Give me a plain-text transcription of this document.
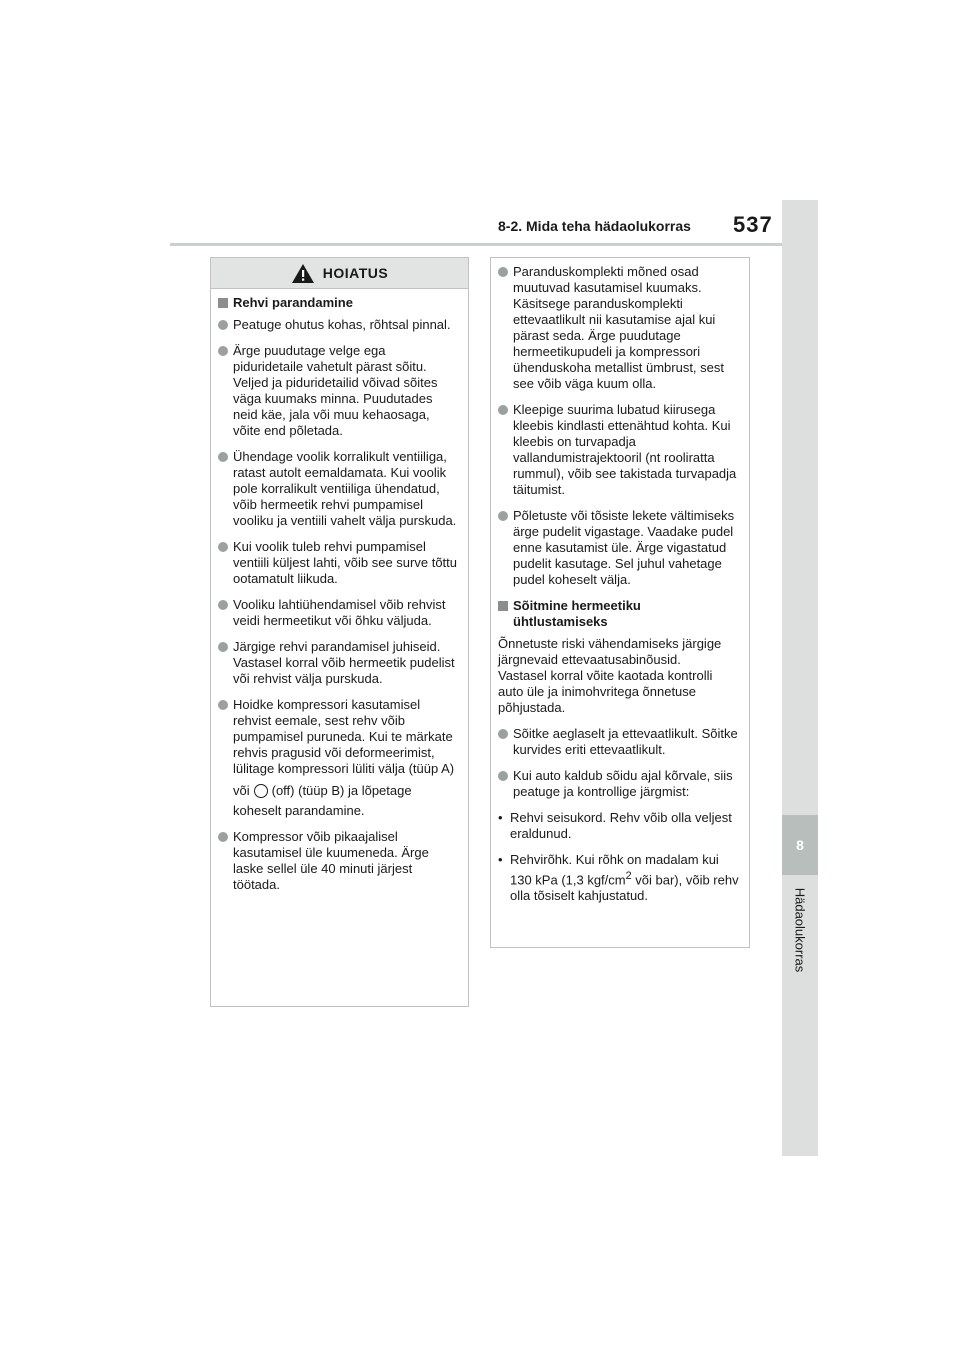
8-2. Mida teha hädaolukorras 537
8
Hädaolukorras
HOIATUS
Rehvi parandamine
Peatuge ohutus kohas, rõhtsal pinnal.
Ärge puudutage velge ega piduridetaile vahetult pärast sõitu. Veljed ja piduridetailid võivad sõites väga kuumaks minna. Puudutades neid käe, jala või muu kehaosaga, võite end põletada.
Ühendage voolik korralikult ventiiliga, ratast autolt eemaldamata. Kui voolik pole korralikult ventiiliga ühendatud, võib hermeetik rehvi pumpamisel vooliku ja ventiili vahelt välja purskuda.
Kui voolik tuleb rehvi pumpamisel ventiili küljest lahti, võib see surve tõttu ootamatult liikuda.
Vooliku lahtiühendamisel võib rehvist veidi hermeetikut või õhku väljuda.
Järgige rehvi parandamisel juhiseid. Vastasel korral võib hermeetik pudelist või rehvist välja purskuda.
Hoidke kompressori kasutamisel rehvist eemale, sest rehv võib pumpamisel puruneda. Kui te märkate rehvis pragusid või deformeerimist, lülitage kompressori lüliti välja (tüüp A)
või (off) (tüüp B) ja lõpetage
koheselt parandamine.
Kompressor võib pikaajalisel kasutamisel üle kuumeneda. Ärge laske sellel üle 40 minuti järjest töötada.
Paranduskomplekti mõned osad muutuvad kasutamisel kuumaks. Käsitsege paranduskomplekti ettevaatlikult nii kasutamise ajal kui pärast seda. Ärge puudutage hermeetikupudeli ja kompressori ühenduskoha metallist ümbrust, sest see võib väga kuum olla.
Kleepige suurima lubatud kiirusega kleebis kindlasti ettenähtud kohta. Kui kleebis on turvapadja vallandumistrajektooril (nt rooliratta rummul), võib see takistada turvapadja täitumist.
Põletuste või tõsiste lekete vältimiseks ärge pudelit vigastage. Vaadake pudel enne kasutamist üle. Ärge vigastatud pudelit kasutage. Sel juhul vahetage pudel koheselt välja.
Sõitmine hermeetiku ühtlustamiseks
Õnnetuste riski vähendamiseks järgige järgnevaid ettevaatusabinõusid.
Vastasel korral võite kaotada kontrolli auto üle ja inimohvritega õnnetuse põhjustada.
Sõitke aeglaselt ja ettevaatlikult. Sõitke kurvides eriti ettevaatlikult.
Kui auto kaldub sõidu ajal kõrvale, siis peatuge ja kontrollige järgmist:
• Rehvi seisukord. Rehv võib olla veljest eraldunud.
• Rehvirõhk. Kui rõhk on madalam kui 130 kPa (1,3 kgf/$cm^2$ või bar), võib rehv olla tõsiselt kahjustatud.
